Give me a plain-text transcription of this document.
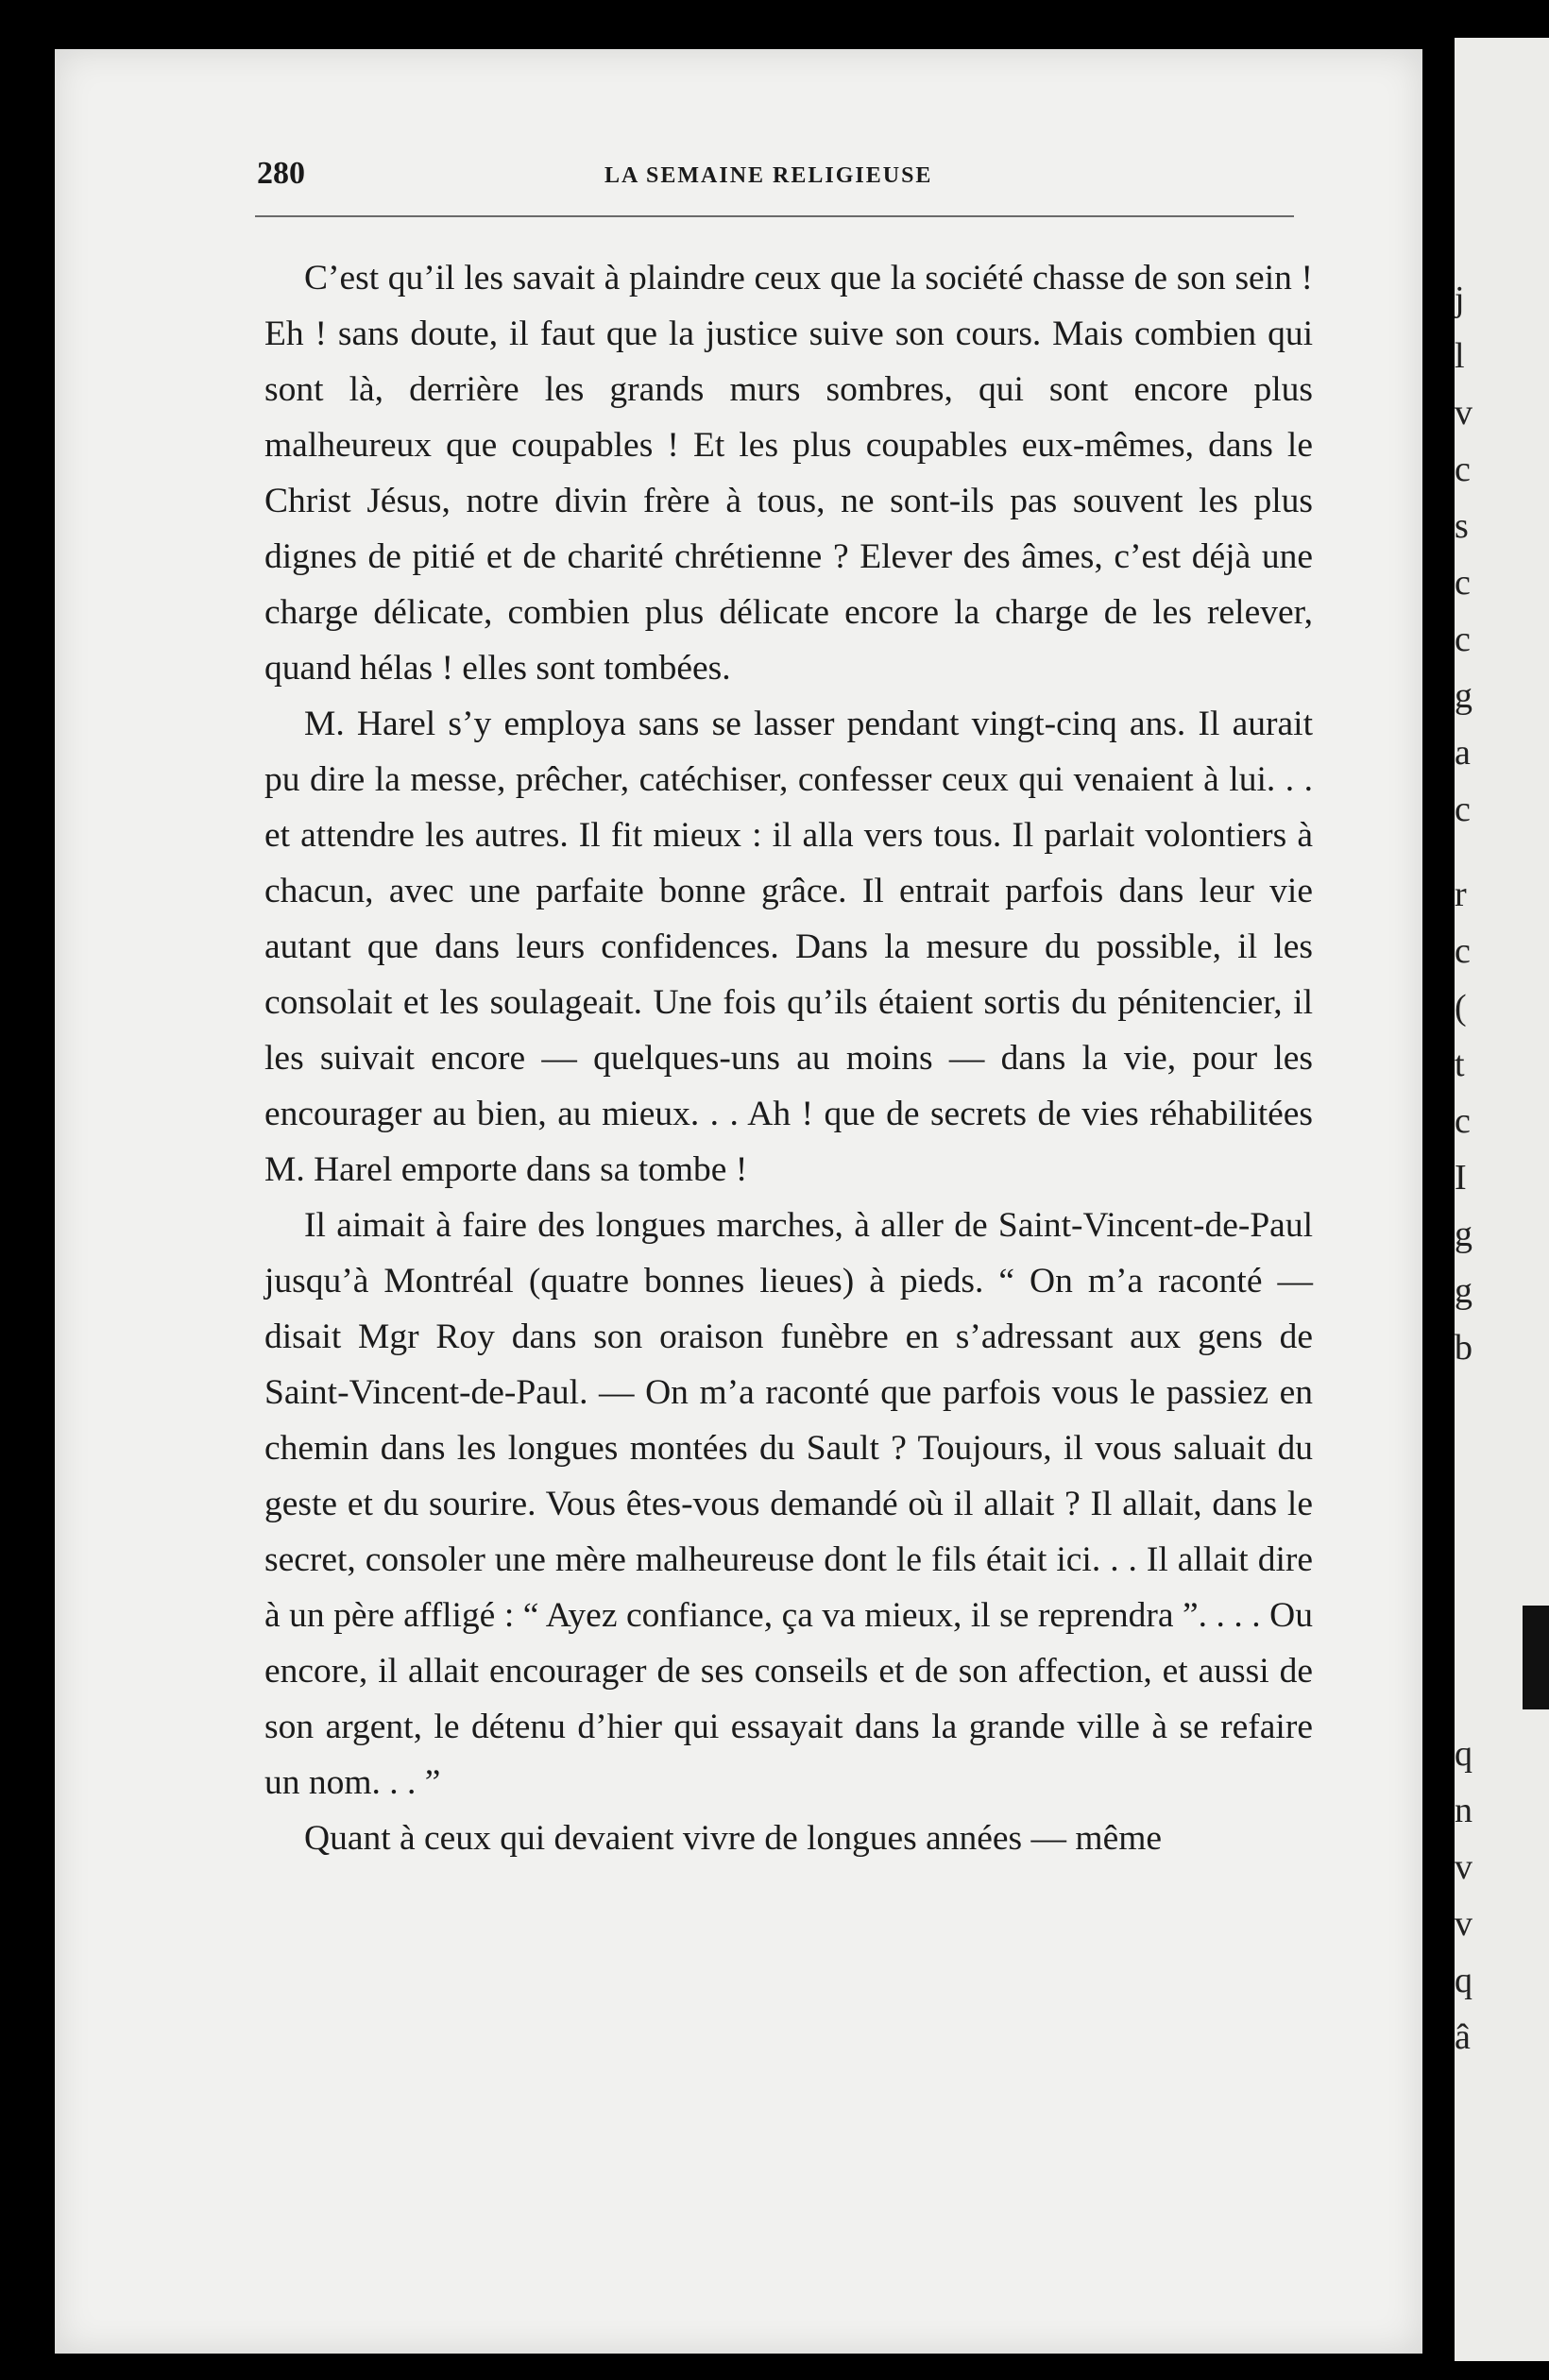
280	LA SEMAINE RELIGIEUSE

C’est qu’il les savait à plaindre ceux que la société chasse de son sein ! Eh ! sans doute, il faut que la justice suive son cours. Mais combien qui sont là, derrière les grands murs sombres, qui sont encore plus malheureux que coupables ! Et les plus coupables eux-mêmes, dans le Christ Jésus, notre divin frère à tous, ne sont-ils pas souvent les plus dignes de pitié et de charité chrétienne ? Elever des âmes, c’est déjà une charge délicate, combien plus délicate encore la charge de les relever, quand hélas ! elles sont tombées.

M. Harel s’y employa sans se lasser pendant vingt-cinq ans. Il aurait pu dire la messe, prêcher, catéchiser, confesser ceux qui venaient à lui. . . et attendre les autres. Il fit mieux : il alla vers tous. Il parlait volontiers à chacun, avec une parfaite bonne grâce. Il entrait parfois dans leur vie autant que dans leurs confidences. Dans la mesure du possible, il les consolait et les soulageait. Une fois qu’ils étaient sortis du pénitencier, il les suivait encore — quelques-uns au moins — dans la vie, pour les encourager au bien, au mieux. . . Ah ! que de secrets de vies réhabilitées M. Harel emporte dans sa tombe !

Il aimait à faire des longues marches, à aller de Saint-Vincent-de-Paul jusqu’à Montréal (quatre bonnes lieues) à pieds. “ On m’a raconté — disait Mgr Roy dans son oraison funèbre en s’adressant aux gens de Saint-Vincent-de-Paul. — On m’a raconté que parfois vous le passiez en chemin dans les longues montées du Sault ? Toujours, il vous saluait du geste et du sourire. Vous êtes-vous demandé où il allait ? Il allait, dans le secret, consoler une mère malheureuse dont le fils était ici. . . Il allait dire à un père affligé : “ Ayez confiance, ça va mieux, il se reprendra ”. . . . Ou encore, il allait encourager de ses conseils et de son affection, et aussi de son argent, le détenu d’hier qui essayait dans la grande ville à se refaire un nom. . . ”

Quant à ceux qui devaient vivre de longues années — même

j
l
v
c
s
c
c
g
a
c
r
c
(
t
c
I
g
g
b
q
n
v
v
q
â
